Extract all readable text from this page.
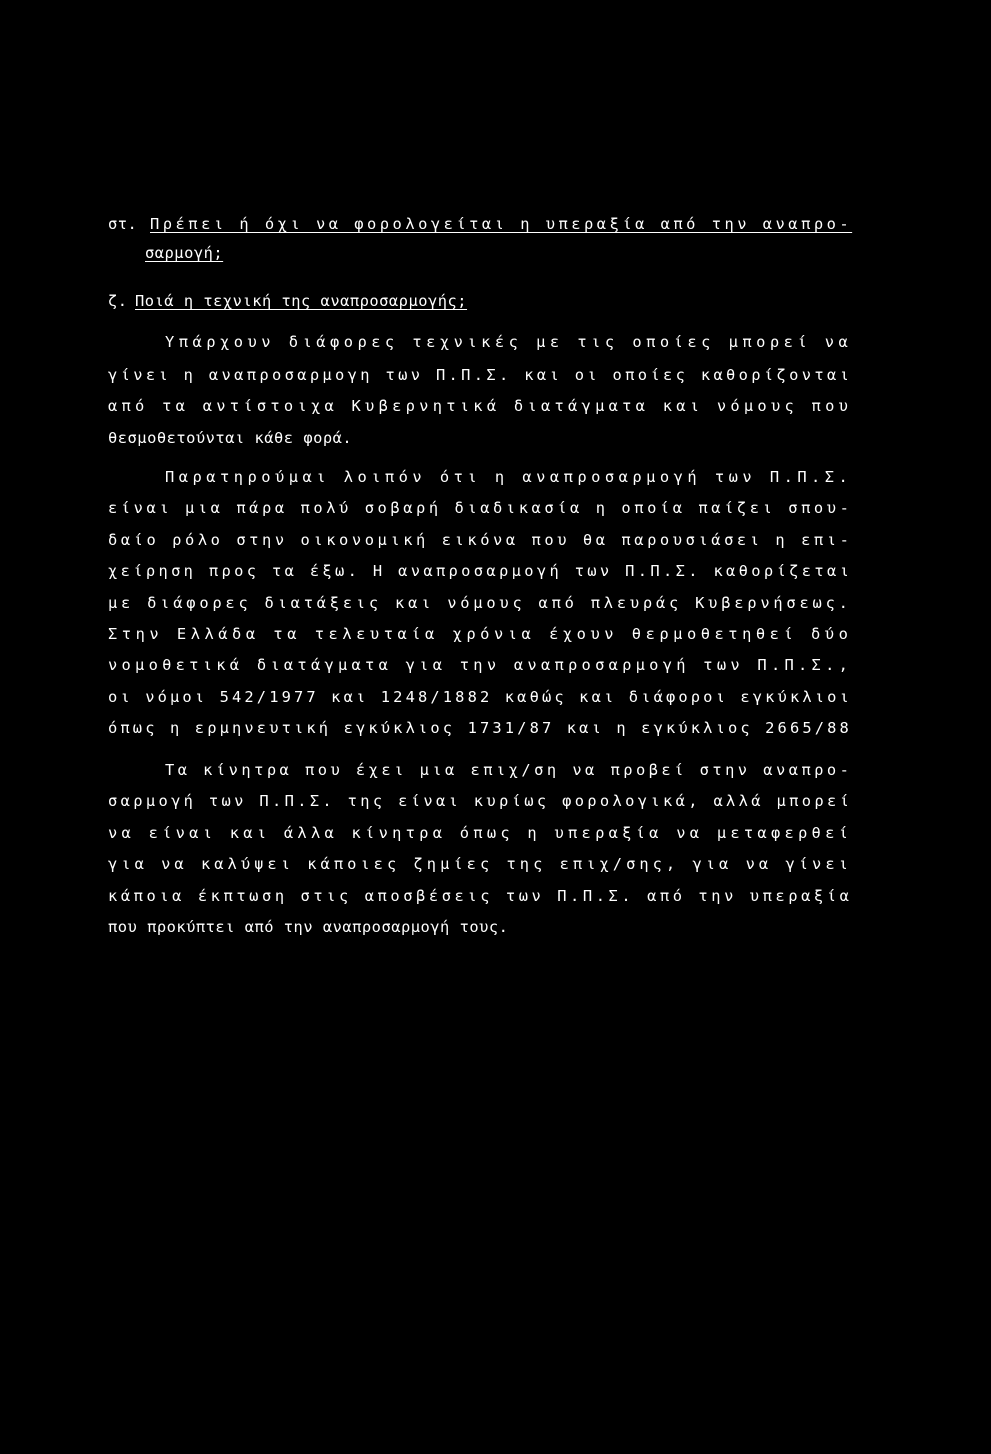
στ. Πρέπει ή όχι να φορολογείται η υπεραξία από την αναπρο-
σαρμογή;
ζ. Ποιά η τεχνική της αναπροσαρμογής;
Υπάρχουν διάφορες τεχνικές με τις οποίες μπορεί να
γίνει η αναπροσαρμογη των Π.Π.Σ. και οι οποίες καθορίζονται
από τα αντίστοιχα Κυβερνητικά διατάγματα και νόμους που
θεσμοθετούνται κάθε φορά.
Παρατηρούμαι λοιπόν ότι η αναπροσαρμογή των Π.Π.Σ.
είναι μια πάρα πολύ σοβαρή διαδικασία η οποία παίζει σπου-
δαίο ρόλο στην οικονομική εικόνα που θα παρουσιάσει η επι-
χείρηση προς τα έξω. Η αναπροσαρμογή των Π.Π.Σ. καθορίζεται
με διάφορες διατάξεις και νόμους από πλευράς Κυβερνήσεως.
Στην Ελλάδα τα τελευταία χρόνια έχουν θερμοθετηθεί δύο
νομοθετικά διατάγματα για την αναπροσαρμογή των Π.Π.Σ.,
οι νόμοι 542/1977 και 1248/1882 καθώς και διάφοροι εγκύκλιοι
όπως η ερμηνευτική εγκύκλιος 1731/87 και η εγκύκλιος 2665/88
Τα κίνητρα που έχει μια επιχ/ση να προβεί στην αναπρο-
σαρμογή των Π.Π.Σ. της είναι κυρίως φορολογικά, αλλά μπορεί
να είναι και άλλα κίνητρα όπως η υπεραξία να μεταφερθεί
για να καλύψει κάποιες ζημίες της επιχ/σης, για να γίνει
κάποια έκπτωση στις αποσβέσεις των Π.Π.Σ. από την υπεραξία
που προκύπτει από την αναπροσαρμογή τους.
